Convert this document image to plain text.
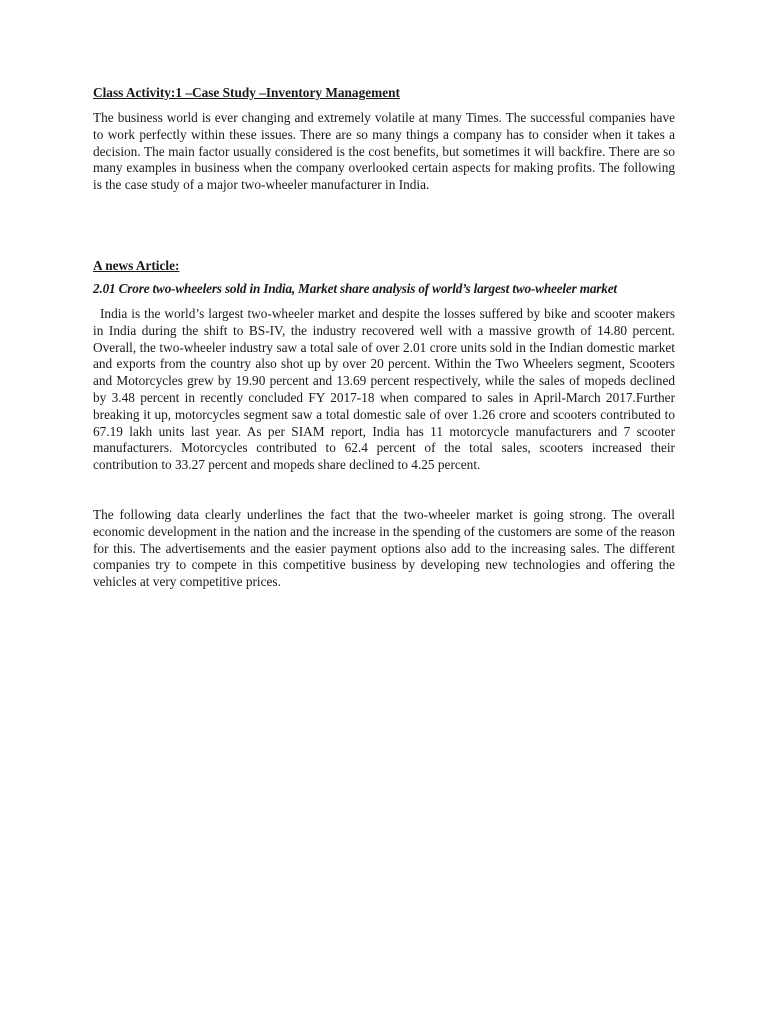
Class Activity:1 –Case Study –Inventory Management

The business world is ever changing and extremely volatile at many Times. The successful companies have to work perfectly within these issues. There are so many things a company has to consider when it takes a decision. The main factor usually considered is the cost benefits, but sometimes it will backfire. There are so many examples in business when the company overlooked certain aspects for making profits. The following is the case study of a major two-wheeler manufacturer in India.

A news Article:
2.01 Crore two-wheelers sold in India, Market share analysis of world’s largest two-wheeler market

India is the world’s largest two-wheeler market and despite the losses suffered by bike and scooter makers in India during the shift to BS-IV, the industry recovered well with a massive growth of 14.80 percent. Overall, the two-wheeler industry saw a total sale of over 2.01 crore units sold in the Indian domestic market and exports from the country also shot up by over 20 percent. Within the Two Wheelers segment, Scooters and Motorcycles grew by 19.90 percent and 13.69 percent respectively, while the sales of mopeds declined by 3.48 percent in recently concluded FY 2017-18 when compared to sales in April-March 2017.Further breaking it up, motorcycles segment saw a total domestic sale of over 1.26 crore and scooters contributed to 67.19 lakh units last year. As per SIAM report, India has 11 motorcycle manufacturers and 7 scooter manufacturers. Motorcycles contributed to 62.4 percent of the total sales, scooters increased their contribution to 33.27 percent and mopeds share declined to 4.25 percent.

The following data clearly underlines the fact that the two-wheeler market is going strong. The overall economic development in the nation and the increase in the spending of the customers are some of the reason for this. The advertisements and the easier payment options also add to the increasing sales. The different companies try to compete in this competitive business by developing new technologies and offering the vehicles at very competitive prices.
